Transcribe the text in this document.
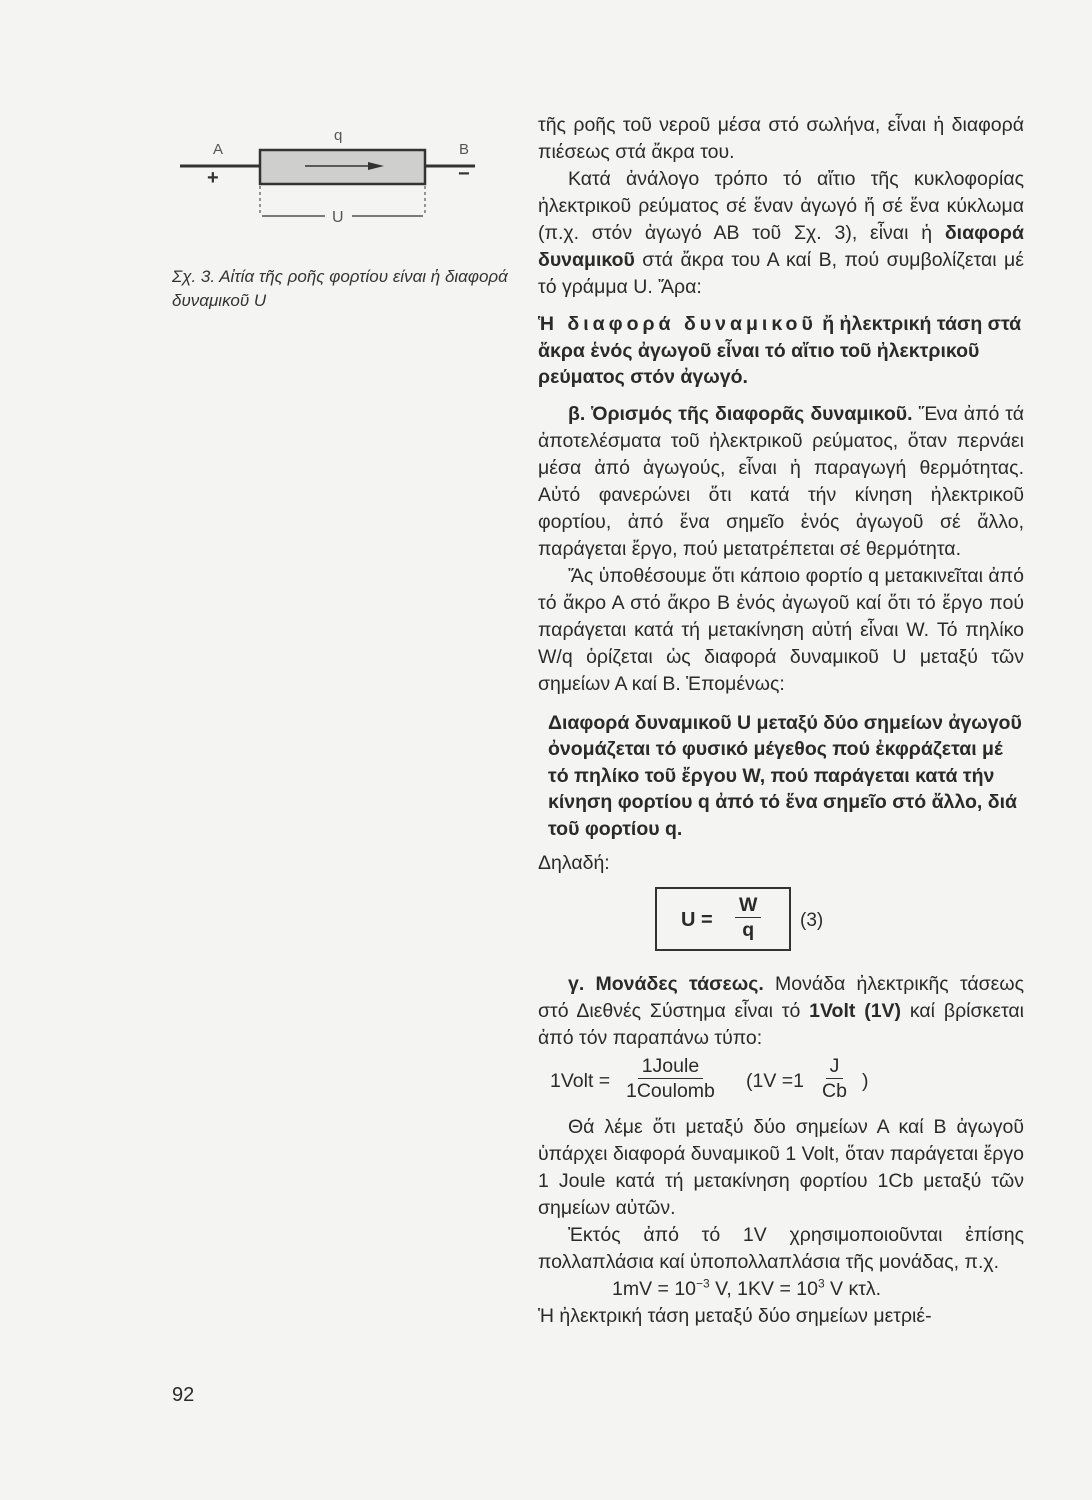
A
q
B
+	−
U
Σχ. 3. Αἰτία τῆς ροῆς φορτίου είναι ἡ διαφορά δυναμικοῦ U

τῆς ροῆς τοῦ νεροῦ μέσα στό σωλήνα, εἶναι ἡ διαφορά πιέσεως στά ἄκρα του.

Κατά ἀνάλογο τρόπο τό αἴτιο τῆς κυκλοφορίας ἠλεκτρικοῦ ρεύματος σέ ἕναν ἀγωγό ἤ σέ ἕνα κύκλωμα (π.χ. στόν ἀγωγό ΑΒ τοῦ Σχ. 3), εἶναι ἡ διαφορά δυναμικοῦ στά ἄκρα του Α καί Β, πού συμβολίζεται μέ τό γράμμα U. Ἄρα:

Ἡ διαφορά δυναμικοῦ ἤ ἠλεκτρική τάση στά ἄκρα ἑνός ἀγωγοῦ εἶναι τό αἴτιο τοῦ ἠλεκτρικοῦ ρεύματος στόν ἀγωγό.

β. Ὁρισμός τῆς διαφορᾶς δυναμικοῦ. Ἕνα ἀπό τά ἀποτελέσματα τοῦ ἠλεκτρικοῦ ρεύματος, ὅταν περνάει μέσα ἀπό ἀγωγούς, εἶναι ἡ παραγωγή θερμότητας. Αὐτό φανερώνει ὅτι κατά τήν κίνηση ἠλεκτρικοῦ φορτίου, ἀπό ἕνα σημεῖο ἑνός ἀγωγοῦ σέ ἄλλο, παράγεται ἔργο, πού μετατρέπεται σέ θερμότητα.

Ἄς ὑποθέσουμε ὅτι κάποιο φορτίο q μετακινεῖται ἀπό τό ἄκρο Α στό ἄκρο Β ἑνός ἀγωγοῦ καί ὅτι τό ἔργο πού παράγεται κατά τή μετακίνηση αὐτή εἶναι W. Τό πηλίκο W/q ὁρίζεται ὡς διαφορά δυναμικοῦ U μεταξύ τῶν σημείων Α καί Β. Ἑπομένως:

Διαφορά δυναμικοῦ U μεταξύ δύο σημείων ἀγωγοῦ ὀνομάζεται τό φυσικό μέγεθος πού ἐκφράζεται μέ τό πηλίκο τοῦ ἔργου W, πού παράγεται κατά τήν κίνηση φορτίου q ἀπό τό ἕνα σημεῖο στό ἄλλο, διά τοῦ φορτίου q.

Δηλαδή:

$U = \frac{W}{q} (3)$

γ. Μονάδες τάσεως. Μονάδα ἠλεκτρικῆς τάσεως στό Διεθνές Σύστημα εἶναι τό 1Volt (1V) καί βρίσκεται ἀπό τόν παραπάνω τύπο:

1Volt =
1Joule
1Coulomb ($1V =1 \frac{J}{Cb}$ )

Θά λέμε ὅτι μεταξύ δύο σημείων Α καί Β ἀγωγοῦ ὑπάρχει διαφορά δυναμικοῦ 1 Volt, ὅταν παράγεται ἔργο 1 Joule κατά τή μετακίνηση φορτίου 1Cb μεταξύ τῶν σημείων αὐτῶν.

Ἐκτός ἀπό τό 1V χρησιμοποιοῦνται ἐπίσης πολλαπλάσια καί ὑποπολλαπλάσια τῆς μονάδας, π.χ.

$1mV = 10^{-3}$ V, $1KV = 10^3$ V κτλ.

Ἡ ἠλεκτρική τάση μεταξύ δύο σημείων μετριέ-

92
